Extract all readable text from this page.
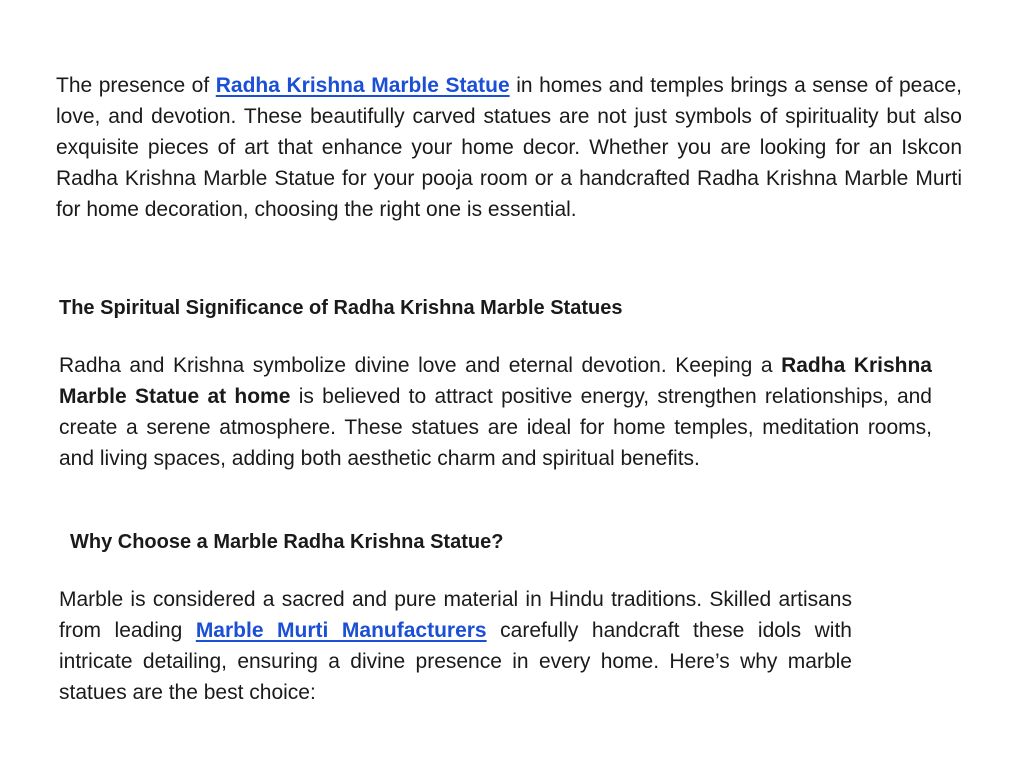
The presence of Radha Krishna Marble Statue in homes and temples brings a sense of peace, love, and devotion. These beautifully carved statues are not just symbols of spirituality but also exquisite pieces of art that enhance your home decor. Whether you are looking for an Iskcon Radha Krishna Marble Statue for your pooja room or a handcrafted Radha Krishna Marble Murti for home decoration, choosing the right one is essential.

The Spiritual Significance of Radha Krishna Marble Statues

Radha and Krishna symbolize divine love and eternal devotion. Keeping a Radha Krishna Marble Statue at home is believed to attract positive energy, strengthen relationships, and create a serene atmosphere. These statues are ideal for home temples, meditation rooms, and living spaces, adding both aesthetic charm and spiritual benefits.

Why Choose a Marble Radha Krishna Statue?

Marble is considered a sacred and pure material in Hindu traditions. Skilled artisans from leading Marble Murti Manufacturers carefully handcraft these idols with intricate detailing, ensuring a divine presence in every home. Here’s why marble statues are the best choice:
